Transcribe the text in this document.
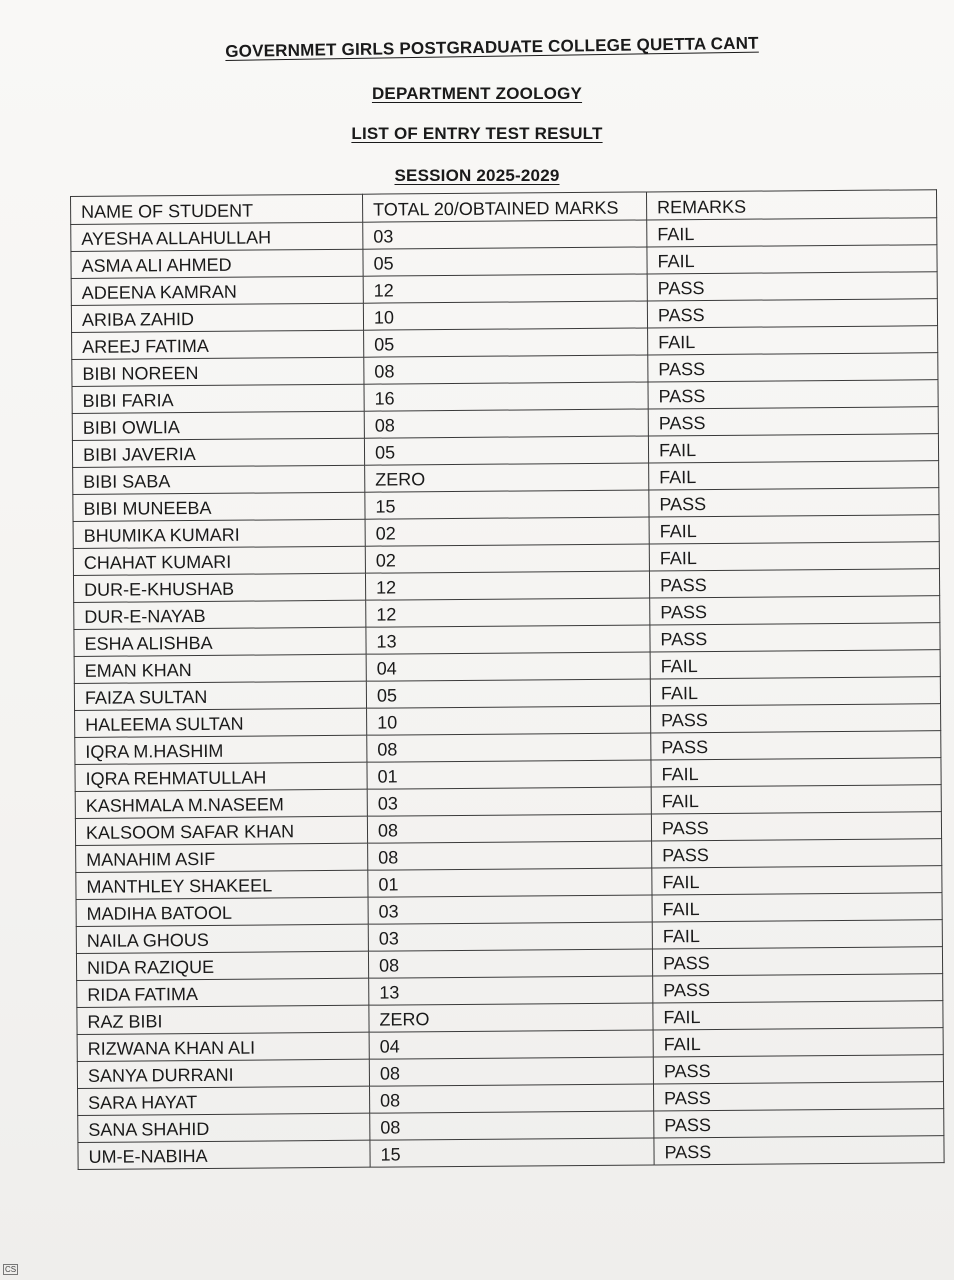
GOVERNMET GIRLS POSTGRADUATE COLLEGE QUETTA CANT
DEPARTMENT ZOOLOGY
LIST OF ENTRY TEST RESULT
SESSION 2025-2029
NAME OF STUDENT	TOTAL 20/OBTAINED MARKS	REMARKS
AYESHA ALLAHULLAH	03	FAIL
ASMA ALI AHMED	05	FAIL
ADEENA KAMRAN	12	PASS
ARIBA ZAHID	10	PASS
AREEJ FATIMA	05	FAIL
BIBI NOREEN	08	PASS
BIBI FARIA	16	PASS
BIBI OWLIA	08	PASS
BIBI JAVERIA	05	FAIL
BIBI SABA	ZERO	FAIL
BIBI MUNEEBA	15	PASS
BHUMIKA KUMARI	02	FAIL
CHAHAT KUMARI	02	FAIL
DUR-E-KHUSHAB	12	PASS
DUR-E-NAYAB	12	PASS
ESHA ALISHBA	13	PASS
EMAN KHAN	04	FAIL
FAIZA SULTAN	05	FAIL
HALEEMA SULTAN	10	PASS
IQRA M.HASHIM	08	PASS
IQRA REHMATULLAH	01	FAIL
KASHMALA M.NASEEM	03	FAIL
KALSOOM SAFAR KHAN	08	PASS
MANAHIM ASIF	08	PASS
MANTHLEY SHAKEEL	01	FAIL
MADIHA BATOOL	03	FAIL
NAILA GHOUS	03	FAIL
NIDA RAZIQUE	08	PASS
RIDA FATIMA	13	PASS
RAZ BIBI	ZERO	FAIL
RIZWANA KHAN ALI	04	FAIL
SANYA DURRANI	08	PASS
SARA HAYAT	08	PASS
SANA SHAHID	08	PASS
UM-E-NABIHA	15	PASS
CS
